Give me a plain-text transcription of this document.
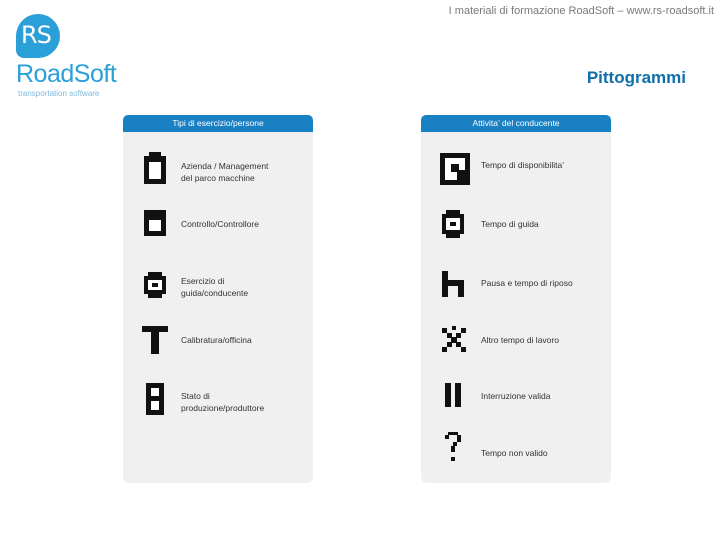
I materiali di formazione RoadSoft – www.rs-roadsoft.it
RS
RoadSoft
transportation software
Pittogrammi
Tipi di esercizio/persone
Azienda / Management
del parco macchine
Controllo/Controllore
Esercizio di
guida/conducente
Calibratura/officina
Stato di
produzione/produttore
Attivita’ del conducente
Tempo di disponibilita’
Tempo di guida
Pausa e tempo di riposo
Altro tempo di lavoro
Interruzione valida
Tempo non valido
